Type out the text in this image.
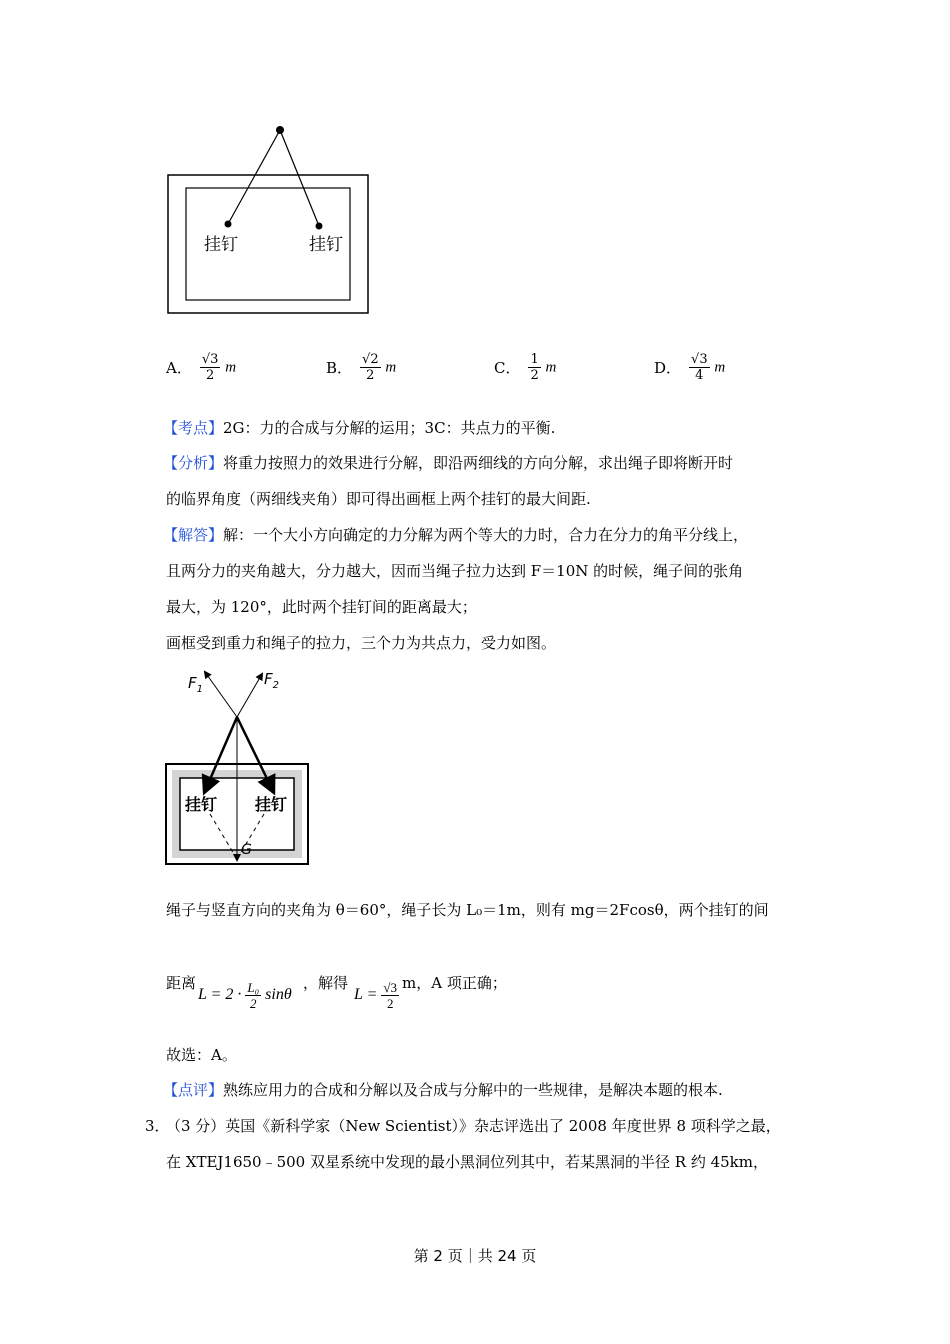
挂钉	挂钉
A． $\frac{√3}{2}$ m	B． $\frac{√2}{2}$ m	C． $\frac{1}{2}$ m	D． $\frac{√3}{4}$ m
【考点】2G：力的合成与分解的运用；3C：共点力的平衡.
【分析】将重力按照力的效果进行分解，即沿两细线的方向分解，求出绳子即将断开时
的临界角度（两细线夹角）即可得出画框上两个挂钉的最大间距.
【解答】解：一个大小方向确定的力分解为两个等大的力时，合力在分力的角平分线上，
且两分力的夹角越大，分力越大，因而当绳子拉力达到 F＝10N 的时候，绳子间的张角
最大，为 120°，此时两个挂钉间的距离最大；
画框受到重力和绳子的拉力，三个力为共点力，受力如图。
$F_1$
$F_2$
挂钉 挂钉
G
绳子与竖直方向的夹角为 θ＝60°，绳子长为 L₀＝1m，则有 mg＝2Fcosθ，两个挂钉的间
距离
$L = 2 \cdot \frac{\text{L₀}}{2}$ sinθ
，解得
$L = \frac{√3}{2}$ m，A 项正确；
故选：A。
【点评】熟练应用力的合成和分解以及合成与分解中的一些规律，是解决本题的根本.
3．
（3 分）英国《新科学家（New Scientist）》杂志评选出了 2008 年度世界 8 项科学之最，
在 XTEJ1650﹣500 双星系统中发现的最小黑洞位列其中，若某黑洞的半径 R 约 45km，
第 2 页｜共 24 页
